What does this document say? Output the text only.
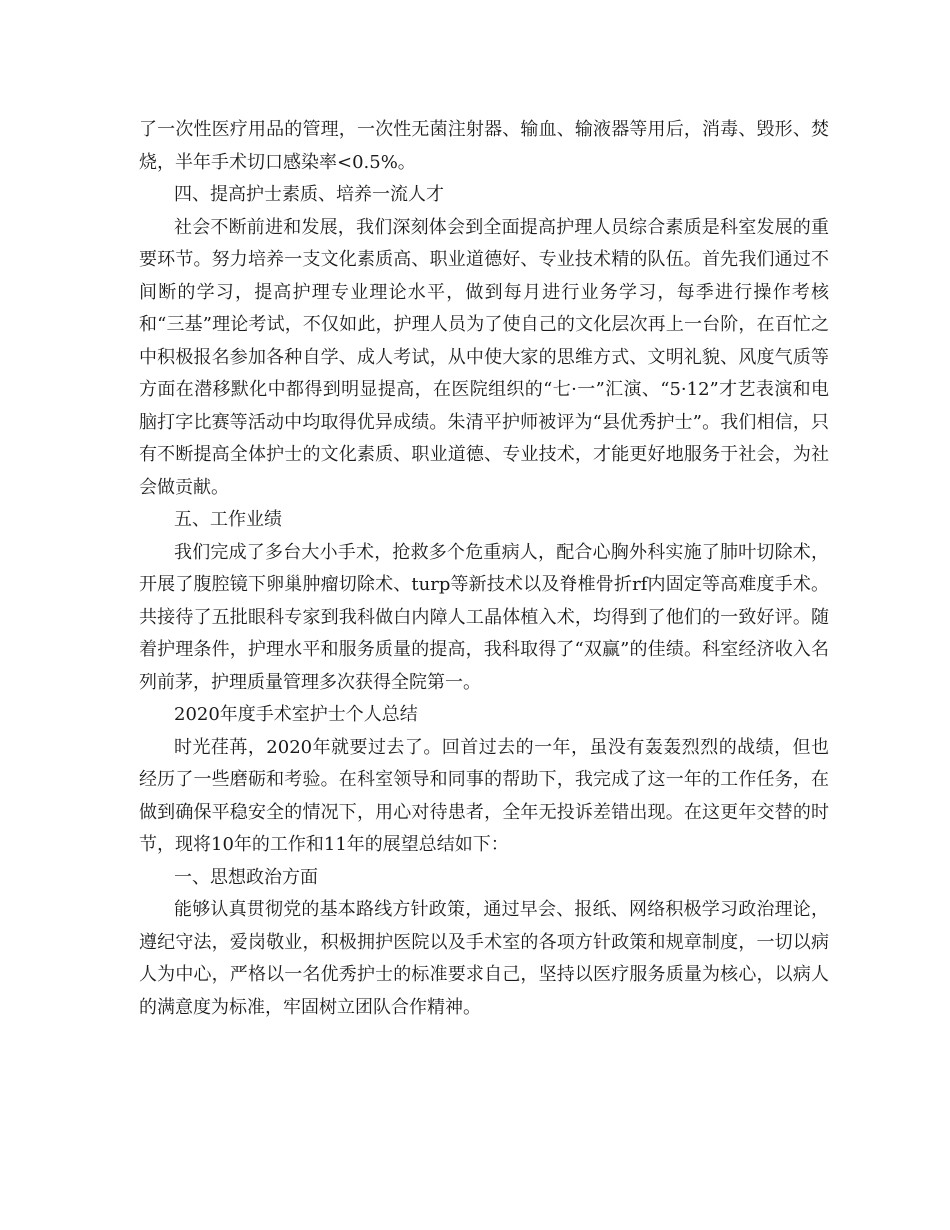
了一次性医疗用品的管理，一次性无菌注射器、输血、输液器等用后，消毒、毁形、焚烧，半年手术切口感染率<0.5%。

四、提高护士素质、培养一流人才

社会不断前进和发展，我们深刻体会到全面提高护理人员综合素质是科室发展的重要环节。努力培养一支文化素质高、职业道德好、专业技术精的队伍。首先我们通过不间断的学习，提高护理专业理论水平，做到每月进行业务学习，每季进行操作考核和“三基”理论考试，不仅如此，护理人员为了使自己的文化层次再上一台阶，在百忙之中积极报名参加各种自学、成人考试，从中使大家的思维方式、文明礼貌、风度气质等方面在潜移默化中都得到明显提高，在医院组织的“七·一”汇演、“5·12”才艺表演和电脑打字比赛等活动中均取得优异成绩。朱清平护师被评为“县优秀护士”。我们相信，只有不断提高全体护士的文化素质、职业道德、专业技术，才能更好地服务于社会，为社会做贡献。

五、工作业绩

我们完成了多台大小手术，抢救多个危重病人，配合心胸外科实施了肺叶切除术，开展了腹腔镜下卵巢肿瘤切除术、turp等新技术以及脊椎骨折rf内固定等高难度手术。共接待了五批眼科专家到我科做白内障人工晶体植入术，均得到了他们的一致好评。随着护理条件，护理水平和服务质量的提高，我科取得了“双赢”的佳绩。科室经济收入名列前茅，护理质量管理多次获得全院第一。

2020年度手术室护士个人总结

时光荏苒，2020年就要过去了。回首过去的一年，虽没有轰轰烈烈的战绩，但也经历了一些磨砺和考验。在科室领导和同事的帮助下，我完成了这一年的工作任务，在做到确保平稳安全的情况下，用心对待患者，全年无投诉差错出现。在这更年交替的时节，现将10年的工作和11年的展望总结如下：

一、思想政治方面

能够认真贯彻党的基本路线方针政策，通过早会、报纸、网络积极学习政治理论，遵纪守法，爱岗敬业，积极拥护医院以及手术室的各项方针政策和规章制度，一切以病人为中心，严格以一名优秀护士的标准要求自己，坚持以医疗服务质量为核心，以病人的满意度为标准，牢固树立团队合作精神。
